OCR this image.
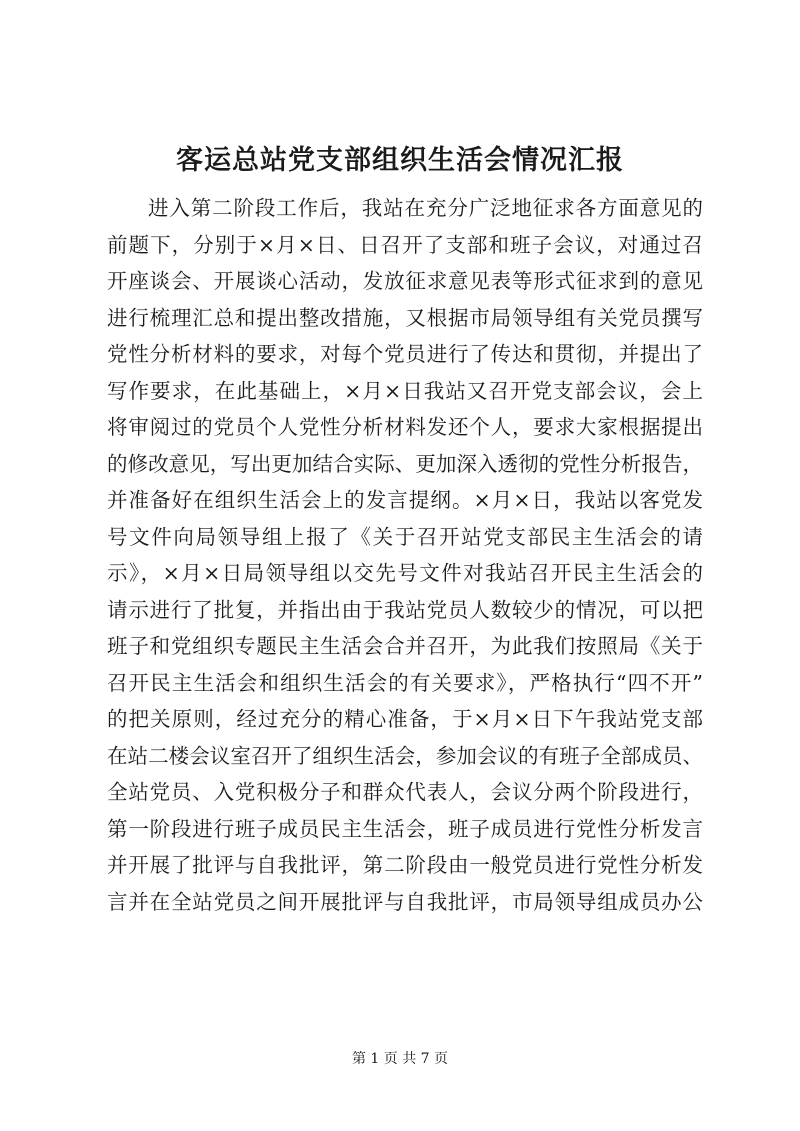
客运总站党支部组织生活会情况汇报
进入第二阶段工作后，我站在充分广泛地征求各方面意见的
前题下，分别于×月×日、日召开了支部和班子会议，对通过召
开座谈会、开展谈心活动，发放征求意见表等形式征求到的意见
进行梳理汇总和提出整改措施，又根据市局领导组有关党员撰写
党性分析材料的要求，对每个党员进行了传达和贯彻，并提出了
写作要求，在此基础上，×月×日我站又召开党支部会议，会上
将审阅过的党员个人党性分析材料发还个人，要求大家根据提出
的修改意见，写出更加结合实际、更加深入透彻的党性分析报告，
并准备好在组织生活会上的发言提纲。×月×日，我站以客党发
号文件向局领导组上报了《关于召开站党支部民主生活会的请
示》，×月×日局领导组以交先号文件对我站召开民主生活会的
请示进行了批复，并指出由于我站党员人数较少的情况，可以把
班子和党组织专题民主生活会合并召开，为此我们按照局《关于
召开民主生活会和组织生活会的有关要求》，严格执行“四不开”
的把关原则，经过充分的精心准备，于×月×日下午我站党支部
在站二楼会议室召开了组织生活会，参加会议的有班子全部成员、
全站党员、入党积极分子和群众代表人，会议分两个阶段进行，
第一阶段进行班子成员民主生活会，班子成员进行党性分析发言
并开展了批评与自我批评，第二阶段由一般党员进行党性分析发
言并在全站党员之间开展批评与自我批评，市局领导组成员办公
第 1 页 共 7 页
